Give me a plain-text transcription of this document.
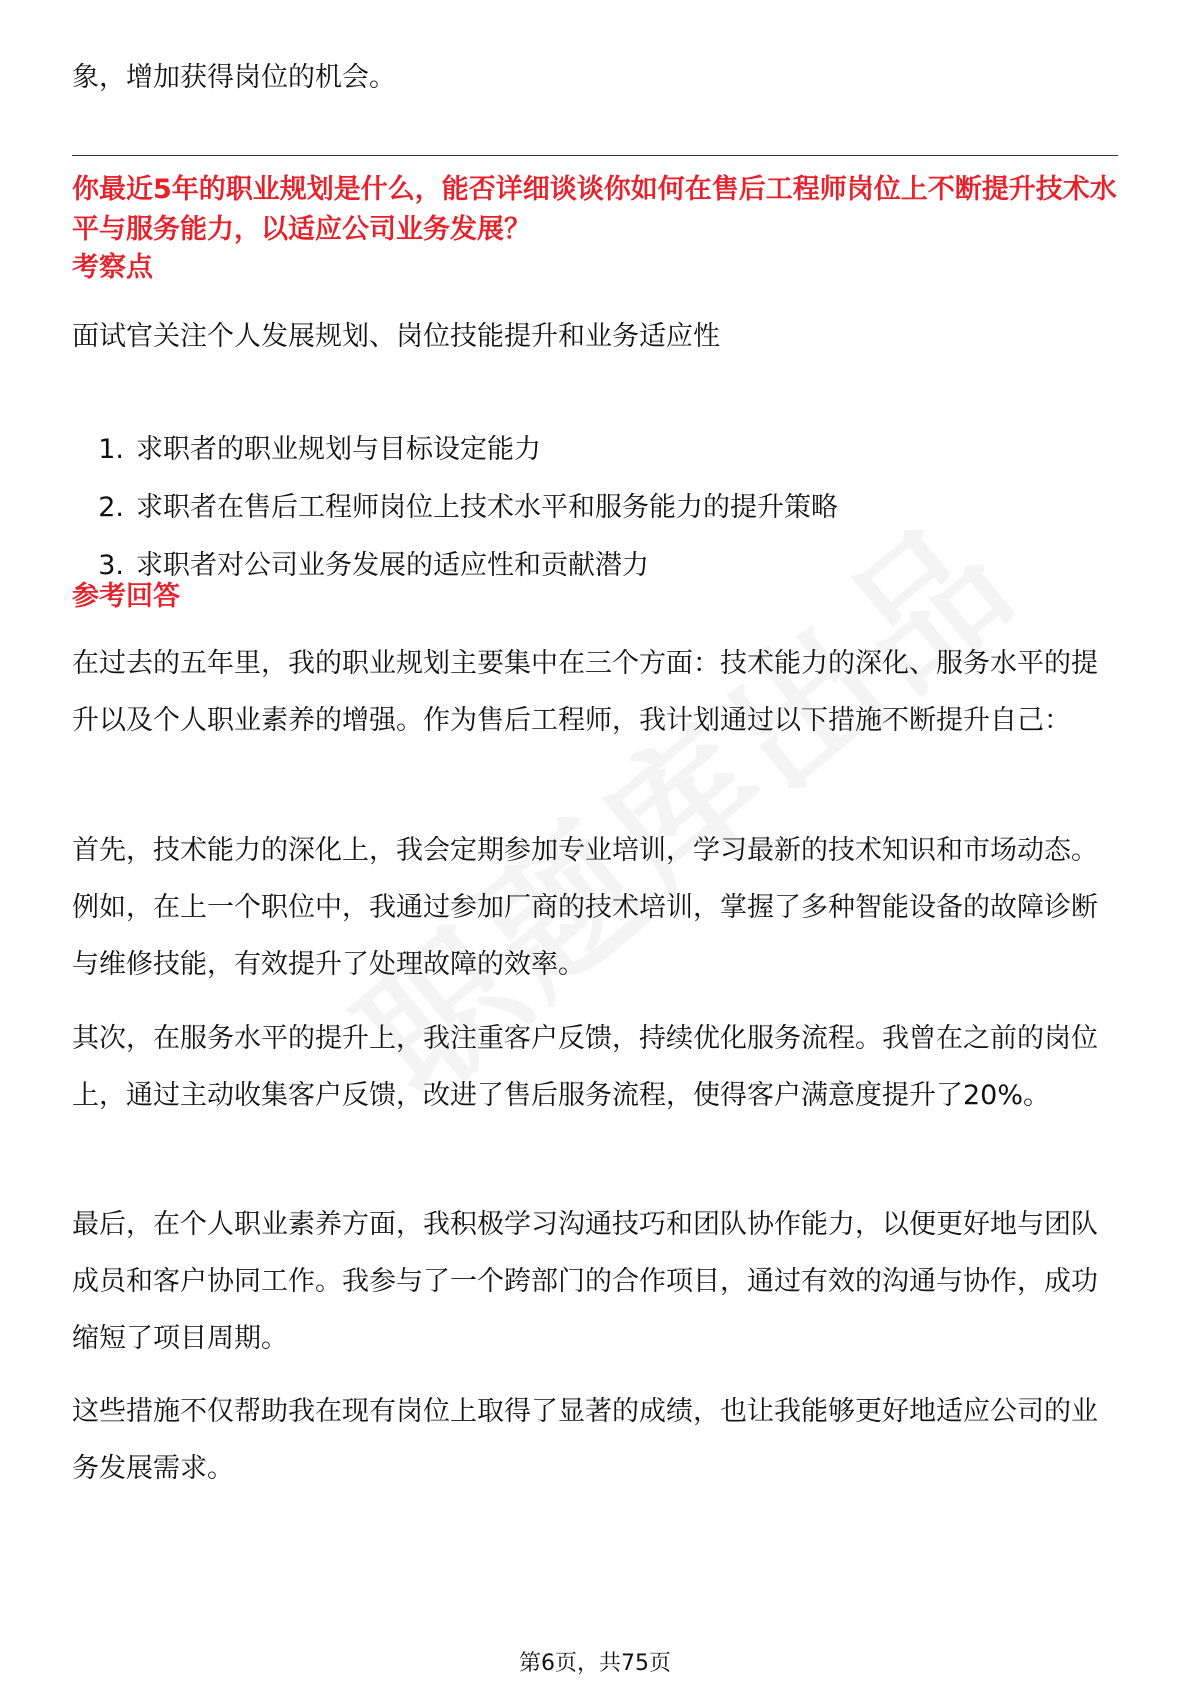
象，增加获得岗位的机会。
你最近5年的职业规划是什么，能否详细谈谈你如何在售后工程师岗位上不断提升技术水平与服务能力，以适应公司业务发展？
考察点
面试官关注个人发展规划、岗位技能提升和业务适应性
1. 求职者的职业规划与目标设定能力
2. 求职者在售后工程师岗位上技术水平和服务能力的提升策略
3. 求职者对公司业务发展的适应性和贡献潜力
参考回答
在过去的五年里，我的职业规划主要集中在三个方面：技术能力的深化、服务水平的提升以及个人职业素养的增强。作为售后工程师，我计划通过以下措施不断提升自己：
首先，技术能力的深化上，我会定期参加专业培训，学习最新的技术知识和市场动态。例如，在上一个职位中，我通过参加厂商的技术培训，掌握了多种智能设备的故障诊断与维修技能，有效提升了处理故障的效率。
其次，在服务水平的提升上，我注重客户反馈，持续优化服务流程。我曾在之前的岗位上，通过主动收集客户反馈，改进了售后服务流程，使得客户满意度提升了20%。
最后，在个人职业素养方面，我积极学习沟通技巧和团队协作能力，以便更好地与团队成员和客户协同工作。我参与了一个跨部门的合作项目，通过有效的沟通与协作，成功缩短了项目周期。
这些措施不仅帮助我在现有岗位上取得了显著的成绩，也让我能够更好地适应公司的业务发展需求。
第6页，共75页
